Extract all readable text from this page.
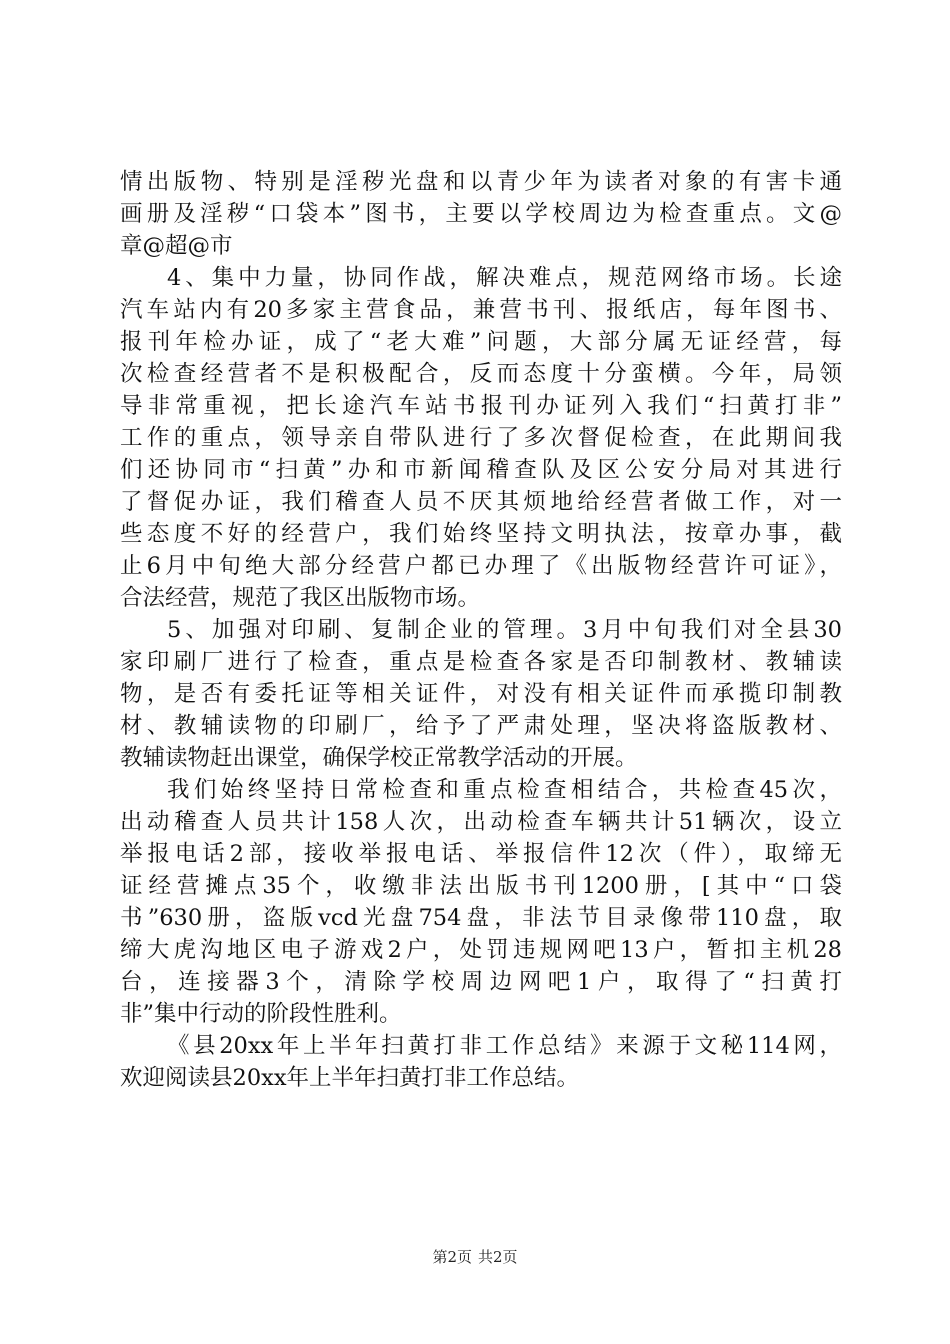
情出版物、特别是淫秽光盘和以青少年为读者对象的有害卡通
画册及淫秽“口袋本”图书，主要以学校周边为检查重点。文@
章@超@市
4、集中力量，协同作战，解决难点，规范网络市场。长途
汽车站内有20多家主营食品，兼营书刊、报纸店，每年图书、
报刊年检办证，成了“老大难”问题，大部分属无证经营，每
次检查经营者不是积极配合，反而态度十分蛮横。今年，局领
导非常重视，把长途汽车站书报刊办证列入我们“扫黄打非”
工作的重点，领导亲自带队进行了多次督促检查，在此期间我
们还协同市“扫黄”办和市新闻稽查队及区公安分局对其进行
了督促办证，我们稽查人员不厌其烦地给经营者做工作，对一
些态度不好的经营户，我们始终坚持文明执法，按章办事，截
止6月中旬绝大部分经营户都已办理了《出版物经营许可证》，
合法经营，规范了我区出版物市场。
5、加强对印刷、复制企业的管理。3月中旬我们对全县30
家印刷厂进行了检查，重点是检查各家是否印制教材、教辅读
物，是否有委托证等相关证件，对没有相关证件而承揽印制教
材、教辅读物的印刷厂，给予了严肃处理，坚决将盗版教材、
教辅读物赶出课堂，确保学校正常教学活动的开展。
我们始终坚持日常检查和重点检查相结合，共检查45次，
出动稽查人员共计158人次，出动检查车辆共计51辆次，设立
举报电话2部，接收举报电话、举报信件12次（件），取缔无
证经营摊点35个，收缴非法出版书刊1200册，[其中“口袋
书”630册，盗版vcd光盘754盘，非法节目录像带110盘，取
缔大虎沟地区电子游戏2户，处罚违规网吧13户，暂扣主机28
台，连接器3个，清除学校周边网吧1户，取得了“扫黄打
非”集中行动的阶段性胜利。
《县20xx年上半年扫黄打非工作总结》来源于文秘114网，
欢迎阅读县20xx年上半年扫黄打非工作总结。
第2页 共2页
